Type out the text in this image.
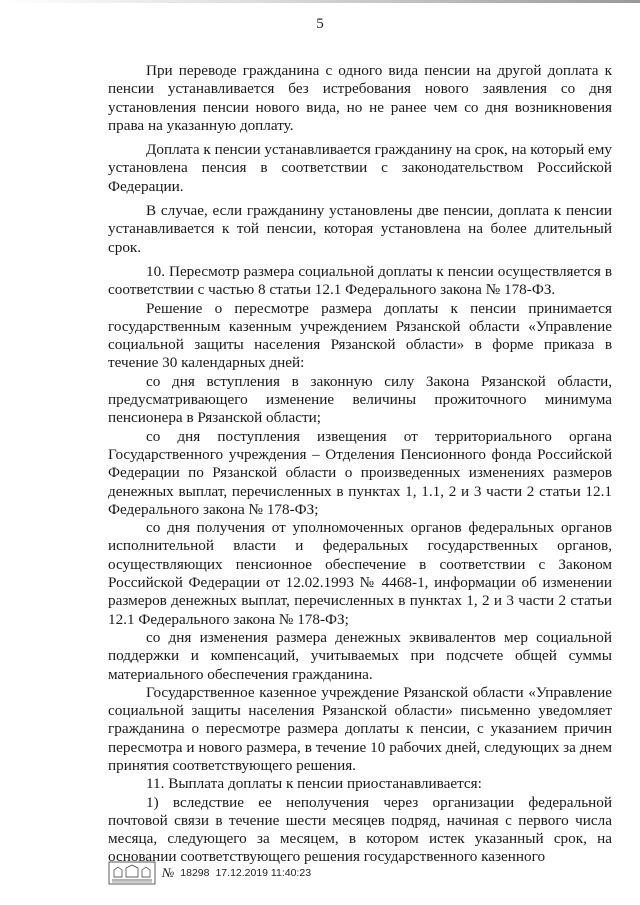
5

При переводе гражданина с одного вида пенсии на другой доплата к пенсии устанавливается без истребования нового заявления со дня установления пенсии нового вида, но не ранее чем со дня возникновения права на указанную доплату.

Доплата к пенсии устанавливается гражданину на срок, на который ему установлена пенсия в соответствии с законодательством Российской Федерации.

В случае, если гражданину установлены две пенсии, доплата к пенсии устанавливается к той пенсии, которая установлена на более длительный срок.

10. Пересмотр размера социальной доплаты к пенсии осуществляется в соответствии с частью 8 статьи 12.1 Федерального закона № 178-ФЗ.

Решение о пересмотре размера доплаты к пенсии принимается государственным казенным учреждением Рязанской области «Управление социальной защиты населения Рязанской области» в форме приказа в течение 30 календарных дней:

со дня вступления в законную силу Закона Рязанской области, предусматривающего изменение величины прожиточного минимума пенсионера в Рязанской области;

со дня поступления извещения от территориального органа Государственного учреждения – Отделения Пенсионного фонда Российской Федерации по Рязанской области о произведенных изменениях размеров денежных выплат, перечисленных в пунктах 1, 1.1, 2 и 3 части 2 статьи 12.1 Федерального закона № 178-ФЗ;

со дня получения от уполномоченных органов федеральных органов исполнительной власти и федеральных государственных органов, осуществляющих пенсионное обеспечение в соответствии с Законом Российской Федерации от 12.02.1993 № 4468-1, информации об изменении размеров денежных выплат, перечисленных в пунктах 1, 2 и 3 части 2 статьи 12.1 Федерального закона № 178-ФЗ;

со дня изменения размера денежных эквивалентов мер социальной поддержки и компенсаций, учитываемых при подсчете общей суммы материального обеспечения гражданина.

Государственное казенное учреждение Рязанской области «Управление социальной защиты населения Рязанской области» письменно уведомляет гражданина о пересмотре размера доплаты к пенсии, с указанием причин пересмотра и нового размера, в течение 10 рабочих дней, следующих за днем принятия соответствующего решения.

11. Выплата доплаты к пенсии приостанавливается:

1) вследствие ее неполучения через организации федеральной почтовой связи в течение шести месяцев подряд, начиная с первого числа месяца, следующего за месяцем, в котором истек указанный срок, на основании соответствующего решения государственного казенного

№ 18298 17.12.2019 11:40:23
